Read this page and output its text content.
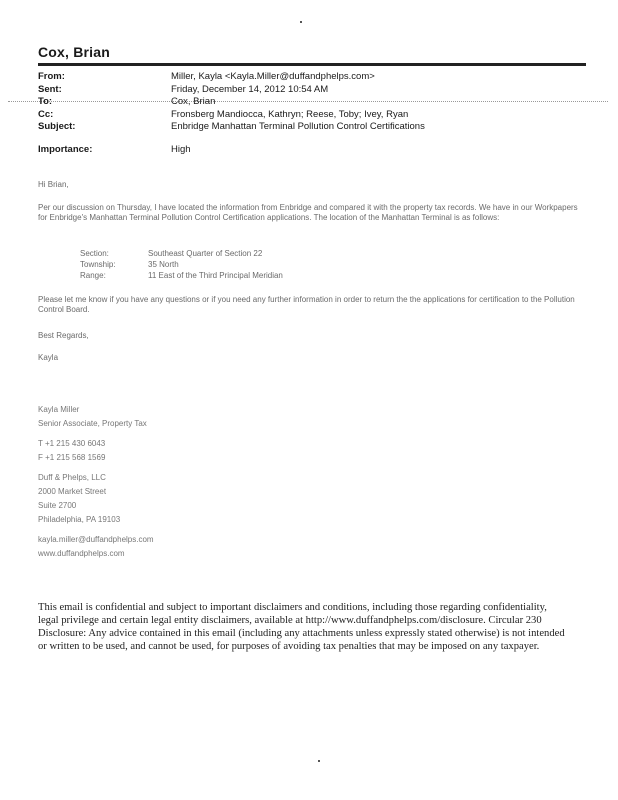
Cox, Brian
From:	Miller, Kayla <Kayla.Miller@duffandphelps.com>
Sent:	Friday, December 14, 2012 10:54 AM
To:	Cox, Brian
Cc:	Fronsberg Mandiocca, Kathryn; Reese, Toby; Ivey, Ryan
Subject:	Enbridge Manhattan Terminal Pollution Control Certifications
Importance:	High
Hi Brian,
Per our discussion on Thursday, I have located the information from Enbridge and compared it with the property tax records. We have in our Workpapers for Enbridge's Manhattan Terminal Pollution Control Certification applications. The location of the Manhattan Terminal is as follows:
Section:	Southeast Quarter of Section 22
Township:	35 North
Range:	11 East of the Third Principal Meridian
Please let me know if you have any questions or if you need any further information in order to return the the applications for certification to the Pollution Control Board.
Best Regards,
Kayla
Kayla Miller
Senior Associate, Property Tax
T +1 215 430 6043
F +1 215 568 1569
Duff & Phelps, LLC
2000 Market Street
Suite 2700
Philadelphia, PA 19103
kayla.miller@duffandphelps.com
www.duffandphelps.com
This email is confidential and subject to important disclaimers and conditions, including those regarding confidentiality, legal privilege and certain legal entity disclaimers, available at http://www.duffandphelps.com/disclosure. Circular 230 Disclosure: Any advice contained in this email (including any attachments unless expressly stated otherwise) is not intended or written to be used, and cannot be used, for purposes of avoiding tax penalties that may be imposed on any taxpayer.
